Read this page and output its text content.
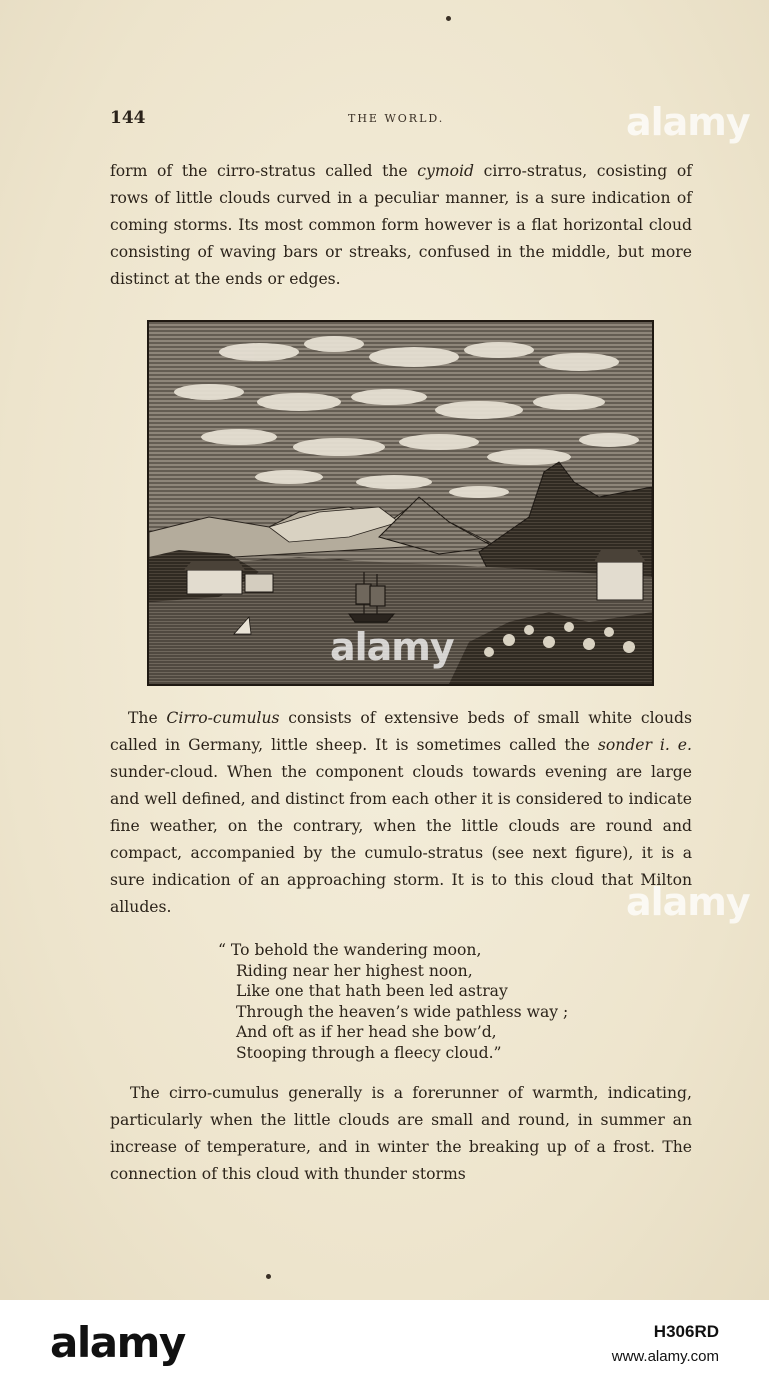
144	THE WORLD.
form of the cirro-stratus called the cymoid cirro-stratus, cosisting of rows of little clouds curved in a peculiar manner, is a sure indication of coming storms. Its most common form however is a flat horizontal cloud consisting of waving bars or streaks, confused in the middle, but more distinct at the ends or edges.
The Cirro-cumulus consists of extensive beds of small white clouds called in Germany, little sheep. It is sometimes called the sonder i. e. sunder-cloud. When the component clouds towards evening are large and well defined, and distinct from each other it is considered to indicate fine weather, on the contrary, when the little clouds are round and compact, accompanied by the cumulo-stratus (see next figure), it is a sure indication of an approaching storm. It is to this cloud that Milton alludes.
“ To behold the wandering moon,
Riding near her highest noon,
Like one that hath been led astray
Through the heaven’s wide pathless way ;
And oft as if her head she bow’d,
Stooping through a fleecy cloud.”
The cirro-cumulus generally is a forerunner of warmth, indicating, particularly when the little clouds are small and round, in summer an increase of temperature, and in winter the breaking up of a frost. The connection of this cloud with thunder storms
alamy
alamy
alamy
alamy	H306RD
www.alamy.com
